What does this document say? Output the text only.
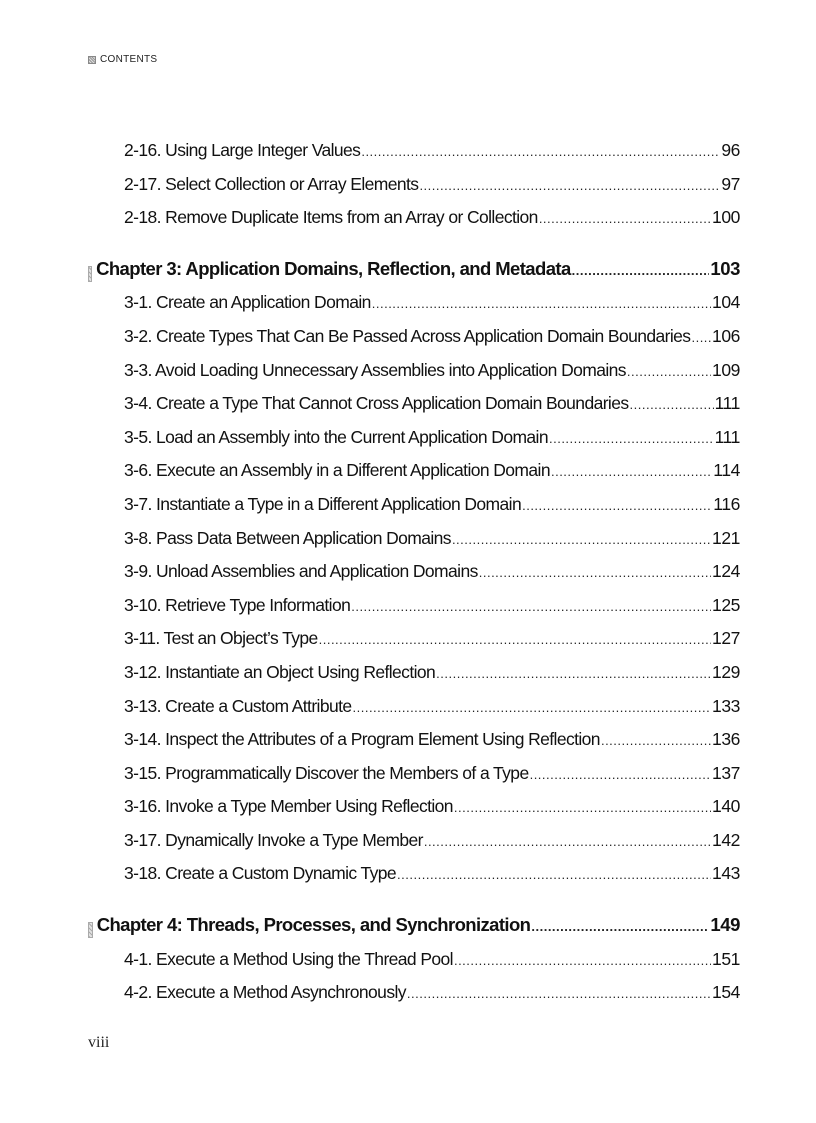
CONTENTS
2-16. Using Large Integer Values .....	96
2-17. Select Collection or Array Elements .....	97
2-18. Remove Duplicate Items from an Array or Collection .....	100
Chapter 3: Application Domains, Reflection, and Metadata .....	103
3-1. Create an Application Domain .....	104
3-2. Create Types That Can Be Passed Across Application Domain Boundaries ..... 106
3-3. Avoid Loading Unnecessary Assemblies into Application Domains .....	109
3-4. Create a Type That Cannot Cross Application Domain Boundaries .....	111
3-5. Load an Assembly into the Current Application Domain .....	111
3-6. Execute an Assembly in a Different Application Domain .....	114
3-7. Instantiate a Type in a Different Application Domain .....	116
3-8. Pass Data Between Application Domains .....	121
3-9. Unload Assemblies and Application Domains .....	124
3-10. Retrieve Type Information .....	125
3-11. Test an Object’s Type .....	127
3-12. Instantiate an Object Using Reflection .....	129
3-13. Create a Custom Attribute .....	133
3-14. Inspect the Attributes of a Program Element Using Reflection .....	136
3-15. Programmatically Discover the Members of a Type .....	137
3-16. Invoke a Type Member Using Reflection .....	140
3-17. Dynamically Invoke a Type Member .....	142
3-18. Create a Custom Dynamic Type .....	143
Chapter 4: Threads, Processes, and Synchronization .....	149
4-1. Execute a Method Using the Thread Pool .....	151
4-2. Execute a Method Asynchronously .....	154
viii
